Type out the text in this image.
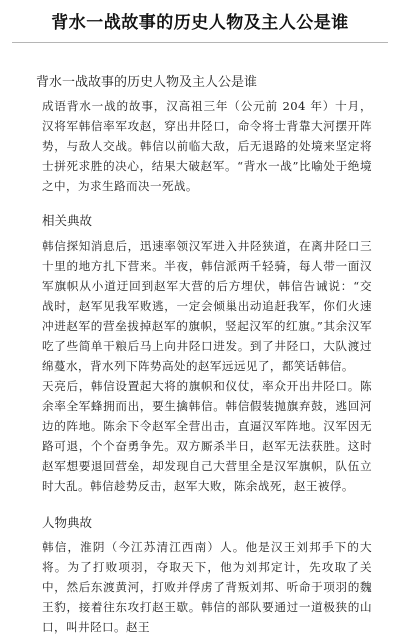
背水一战故事的历史人物及主人公是谁
背水一战故事的历史人物及主人公是谁
成语背水一战的故事，汉高祖三年（公元前 204 年）十月，汉将军韩信率军攻赵，穿出井陉口，命令将士背靠大河摆开阵势，与敌人交战。韩信以前临大敌，后无退路的处境来坚定将士拼死求胜的决心，结果大破赵军。“背水一战”比喻处于绝境之中，为求生路而决一死战。
相关典故
韩信探知消息后，迅速率领汉军进入井陉狭道，在离井陉口三十里的地方扎下营来。半夜，韩信派两千轻骑，每人带一面汉军旗帜从小道迂回到赵军大营的后方埋伏，韩信告诫说：“交战时，赵军见我军败逃，一定会倾巢出动追赶我军，你们火速冲进赵军的营垒拔掉赵军的旗帜，竖起汉军的红旗。”其余汉军吃了些简单干粮后马上向井陉口进发。到了井陉口，大队渡过绵蔓水，背水列下阵势高处的赵军远远见了，都笑话韩信。
天亮后，韩信设置起大将的旗帜和仪仗，率众开出井陉口。陈余率全军蜂拥而出，要生擒韩信。韩信假装抛旗弃鼓，逃回河边的阵地。陈余下令赵军全营出击，直逼汉军阵地。汉军因无路可退，个个奋勇争先。双方厮杀半日，赵军无法获胜。这时赵军想要退回营垒，却发现自己大营里全是汉军旗帜，队伍立时大乱。韩信趁势反击，赵军大败，陈余战死，赵王被俘。
人物典故
韩信，淮阴（今江苏清江西南）人。他是汉王刘邦手下的大将。为了打败项羽，夺取天下，他为刘邦定计，先攻取了关中，然后东渡黄河，打败并俘虏了背叛刘邦、听命于项羽的魏王豹，接着往东攻打赵王歇。韩信的部队要通过一道极狭的山口，叫井陉口。赵王
